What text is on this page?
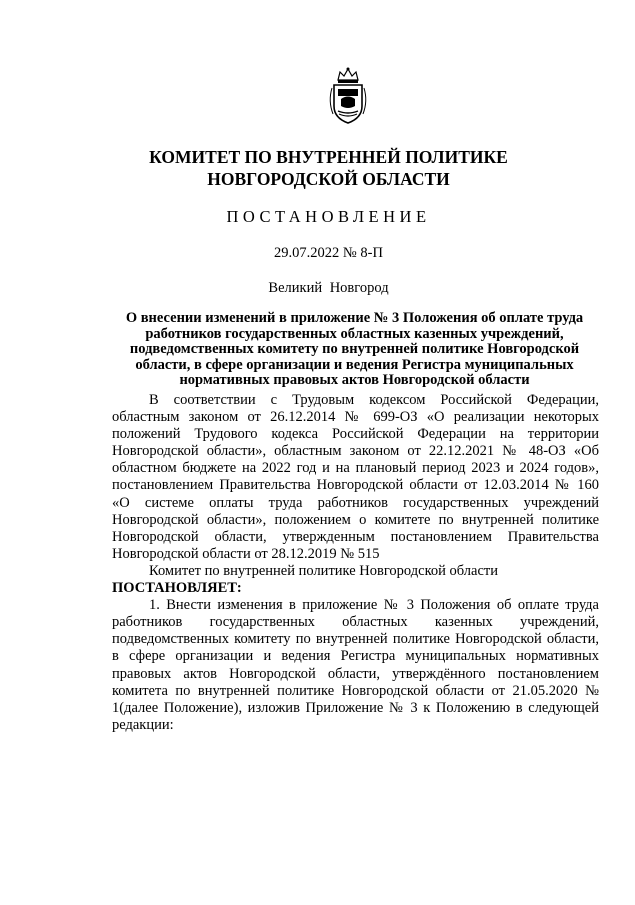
КОМИТЕТ ПО ВНУТРЕННЕЙ ПОЛИТИКЕ
НОВГОРОДСКОЙ ОБЛАСТИ
ПОСТАНОВЛЕНИЕ
29.07.2022 № 8-П
Великий Новгород
О внесении изменений в приложение № 3 Положения об оплате труда работников государственных областных казенных учреждений, подведомственных комитету по внутренней политике Новгородской области, в сфере организации и ведения Регистра муниципальных нормативных правовых актов Новгородской области

В соответствии с Трудовым кодексом Российской Федерации, областным законом от 26.12.2014 № 699-ОЗ «О реализации некоторых положений Трудового кодекса Российской Федерации на территории Новгородской области», областным законом от 22.12.2021 № 48-ОЗ «Об областном бюджете на 2022 год и на плановый период 2023 и 2024 годов», постановлением Правительства Новгородской области от 12.03.2014 № 160 «О системе оплаты труда работников государственных учреждений Новгородской области», положением о комитете по внутренней политике Новгородской области, утвержденным постановлением Правительства Новгородской области от 28.12.2019 № 515

Комитет по внутренней политике Новгородской области

ПОСТАНОВЛЯЕТ:

1. Внести изменения в приложение № 3 Положения об оплате труда работников государственных областных казенных учреждений, подведомственных комитету по внутренней политике Новгородской области, в сфере организации и ведения Регистра муниципальных нормативных правовых актов Новгородской области, утверждённого постановлением комитета по внутренней политике Новгородской области от 21.05.2020 № 1(далее Положение), изложив Приложение № 3 к Положению в следующей редакции:
